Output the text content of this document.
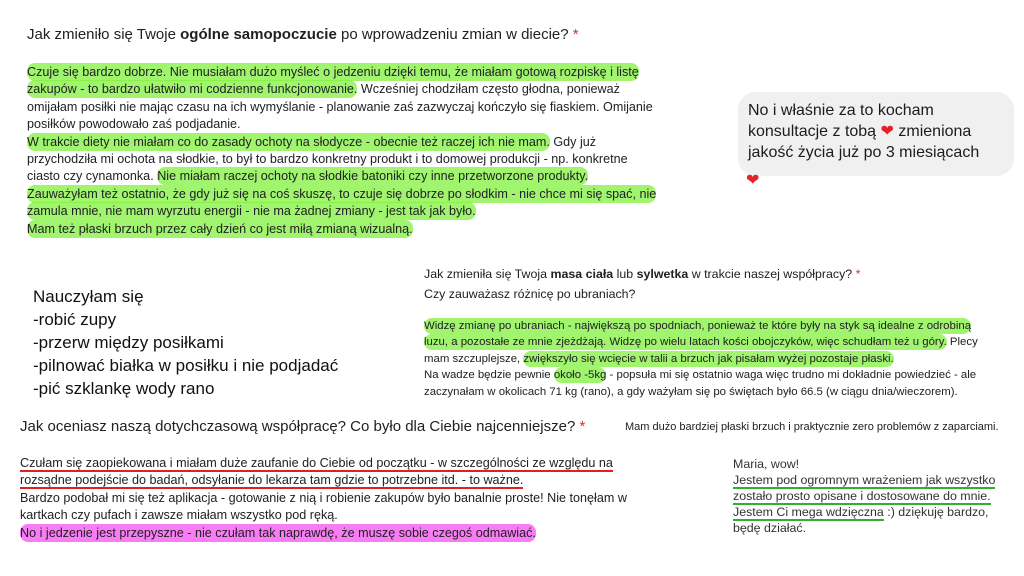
Jak zmieniło się Twoje ogólne samopoczucie po wprowadzeniu zmian w diecie? *
Czuje się bardzo dobrze. Nie musiałam dużo myśleć o jedzeniu dzięki temu, że miałam gotową rozpiskę i listę
zakupów - to bardzo ułatwiło mi codzienne funkcjonowanie. Wcześniej chodziłam często głodna, ponieważ
omijałam posiłki nie mając czasu na ich wymyślanie - planowanie zaś zazwyczaj kończyło się fiaskiem. Omijanie
posiłków powodowało zaś podjadanie.
W trakcie diety nie miałam co do zasady ochoty na słodycze - obecnie też raczej ich nie mam. Gdy już
przychodziła mi ochota na słodkie, to był to bardzo konkretny produkt i to domowej produkcji - np. konkretne
ciasto czy cynamonka. Nie miałam raczej ochoty na słodkie batoniki czy inne przetworzone produkty.
Zauważyłam też ostatnio, że gdy już się na coś skuszę, to czuje się dobrze po słodkim - nie chce mi się spać, nie
zamula mnie, nie mam wyrzutu energii - nie ma żadnej zmiany - jest tak jak było.
Mam też płaski brzuch przez cały dzień co jest miłą zmianą wizualną.
No i właśnie za to kocham
konsultacje z tobą ❤ zmieniona
jakość życia już po 3 miesiącach
❤
Nauczyłam się
-robić zupy
-przerw między posiłkami
-pilnować białka w posiłku i nie podjadać
-pić szklankę wody rano
Jak zmieniła się Twoja masa ciała lub sylwetka w trakcie naszej współpracy? *
Czy zauważasz różnicę po ubraniach?
Widzę zmianę po ubraniach - największą po spodniach, ponieważ te które były na styk są idealne z odrobiną
luzu, a pozostałe ze mnie zjeżdżają. Widzę po wielu latach kości obojczyków, więc schudłam też u góry. Plecy
mam szczuplejsze, zwiększyło się wcięcie w talii a brzuch jak pisałam wyżej pozostaje płaski.
Na wadze będzie pewnie około -5kg - popsuła mi się ostatnio waga więc trudno mi dokładnie powiedzieć - ale
zaczynałam w okolicach 71 kg (rano), a gdy ważyłam się po świętach było 66.5 (w ciągu dnia/wieczorem).
Jak oceniasz naszą dotychczasową współpracę? Co było dla Ciebie najcenniejsze? *	Mam dużo bardziej płaski brzuch i praktycznie zero problemów z zaparciami.
Czułam się zaopiekowana i miałam duże zaufanie do Ciebie od początku - w szczególności ze względu na
rozsądne podejście do badań, odsyłanie do lekarza tam gdzie to potrzebne itd. - to ważne.
Bardzo podobał mi się też aplikacja - gotowanie z nią i robienie zakupów było banalnie proste! Nie tonęłam w
kartkach czy pufach i zawsze miałam wszystko pod ręką.
No i jedzenie jest przepyszne - nie czułam tak naprawdę, że muszę sobie czegoś odmawiać.
Maria, wow!
Jestem pod ogromnym wrażeniem jak wszystko
zostało prosto opisane i dostosowane do mnie.
Jestem Ci mega wdzięczna :) dziękuję bardzo,
będę działać.
